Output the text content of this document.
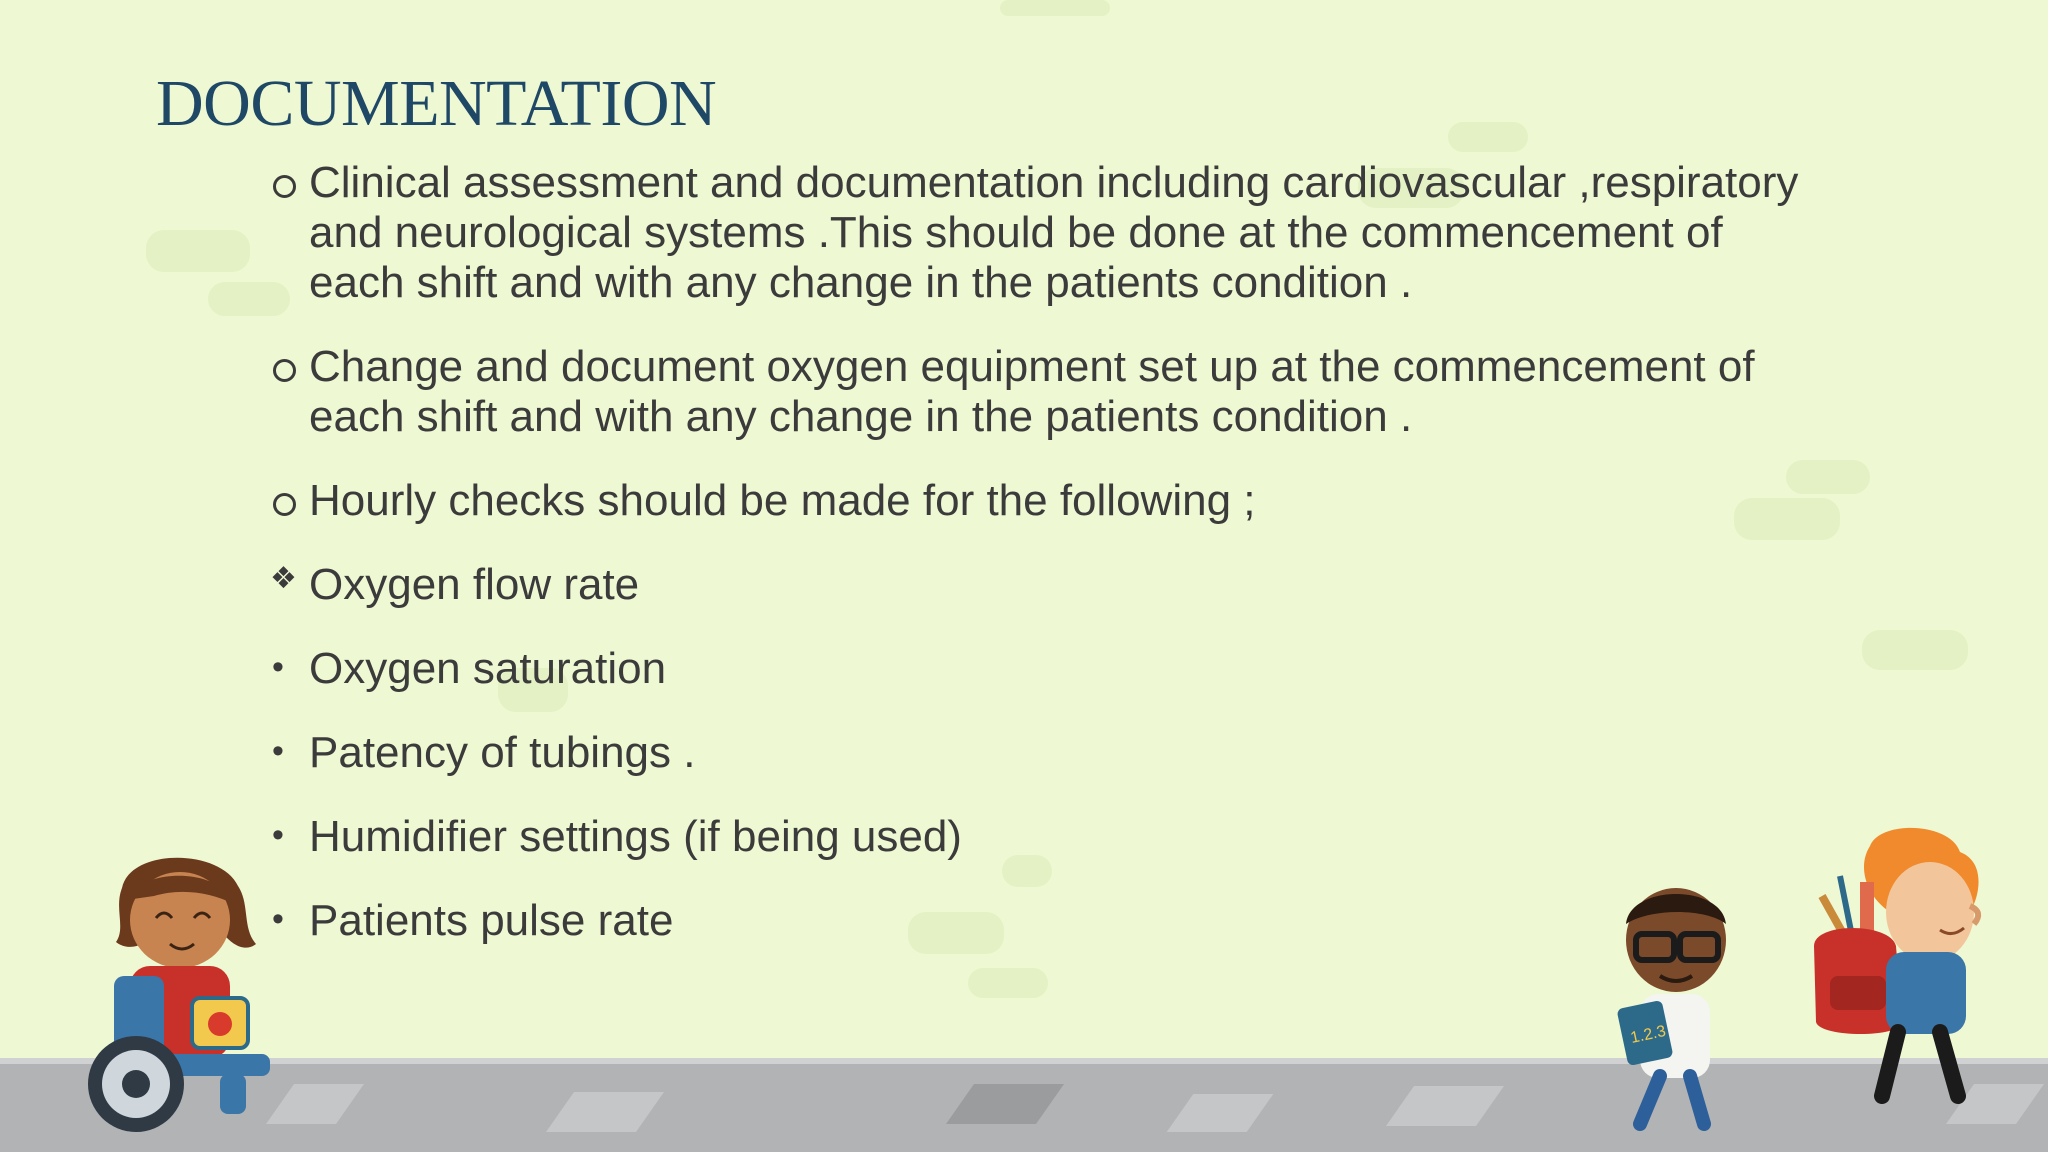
DOCUMENTATION
Clinical assessment and documentation including cardiovascular ,respiratory and neurological systems .This should be done at the commencement of each shift and with any change in the patients condition .
Change and document oxygen equipment set up at the commencement of each shift and with any change in the patients condition .
Hourly checks should be made for the following ;
❖ Oxygen flow rate
• Oxygen saturation
• Patency of tubings .
• Humidifier settings (if being used)
• Patients pulse rate
1.2.3
